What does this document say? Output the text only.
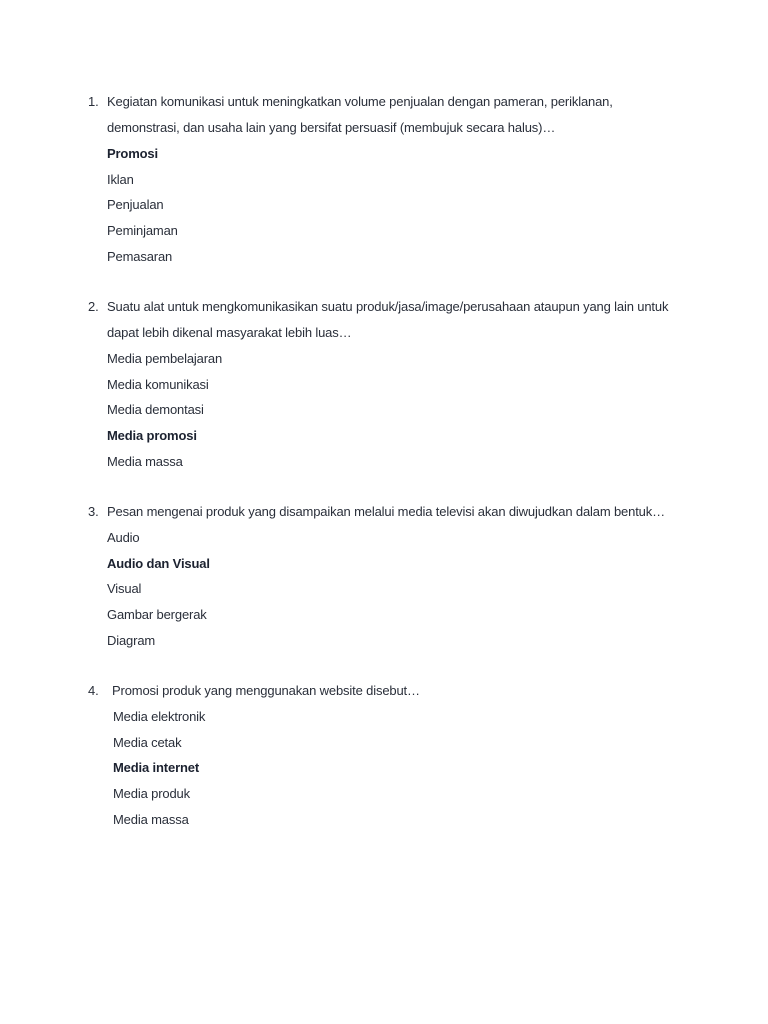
1. Kegiatan komunikasi untuk meningkatkan volume penjualan dengan pameran, periklanan, demonstrasi, dan usaha lain yang bersifat persuasif (membujuk secara halus)…
Promosi
Iklan
Penjualan
Peminjaman
Pemasaran
2. Suatu alat untuk mengkomunikasikan suatu produk/jasa/image/perusahaan ataupun yang lain untuk dapat lebih dikenal masyarakat lebih luas…
Media pembelajaran
Media komunikasi
Media demontasi
Media promosi
Media massa
3. Pesan mengenai produk yang disampaikan melalui media televisi akan diwujudkan dalam bentuk…
Audio
Audio dan Visual
Visual
Gambar bergerak
Diagram
4.	Promosi produk yang menggunakan website disebut…
Media elektronik
Media cetak
Media internet
Media produk
Media massa
